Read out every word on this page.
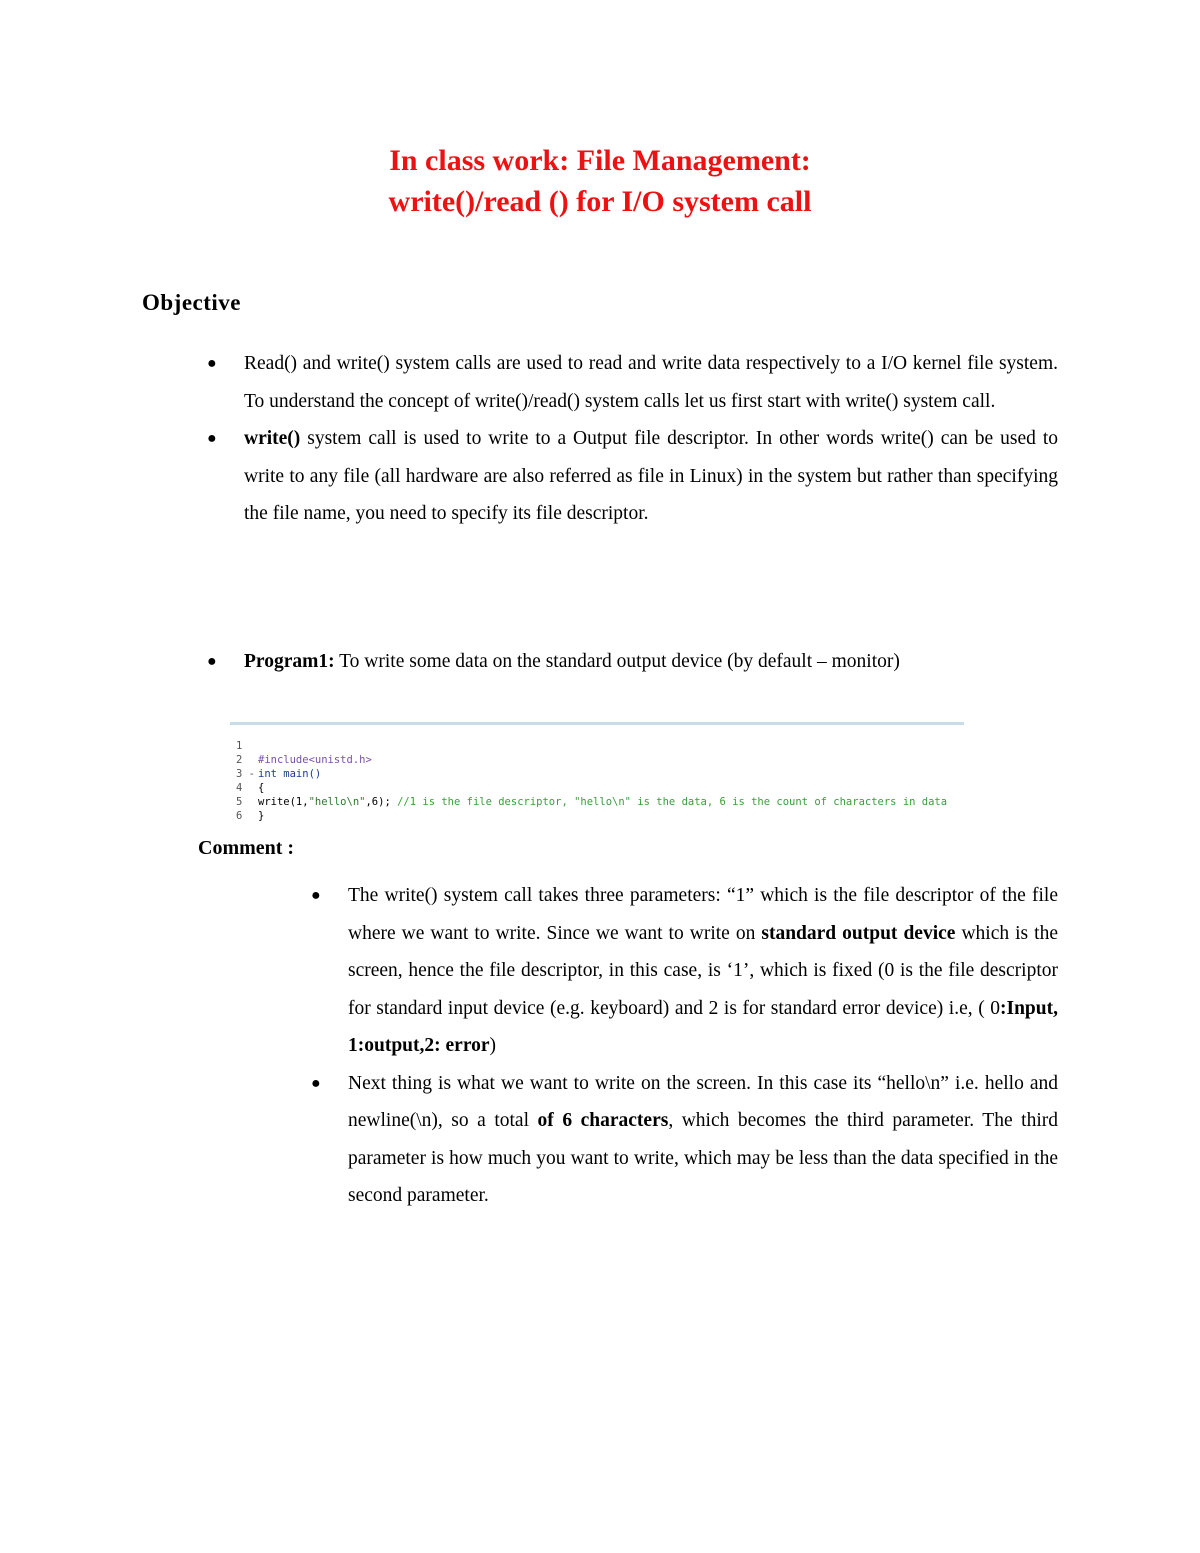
In class work: File Management:
write()/read () for I/O system call
Objective
● Read() and write() system calls are used to read and write data respectively to a I/O kernel file system. To understand the concept of write()/read() system calls let us first start with write() system call.
● write() system call is used to write to a Output file descriptor. In other words write() can be used to write to any file (all hardware are also referred as file in Linux) in the system but rather than specifying the file name, you need to specify its file descriptor.
● Program1: To write some data on the standard output device (by default – monitor)

1

#include<unistd.h>

2

int main()

3 -

{

4

write(1,"hello\n",6); //1 is the file descriptor, "hello\n" is the data, 6 is the count of characters in data

5

}

6

Comment :

● The write() system call takes three parameters: “1” which is the file descriptor of the file where we want to write. Since we want to write on standard output device which is the screen, hence the file descriptor, in this case, is ‘1’, which is fixed (0 is the file descriptor for standard input device (e.g. keyboard) and 2 is for standard error device) i.e, ( 0:Input, 1:output,2: error)
● Next thing is what we want to write on the screen. In this case its “hello\n” i.e. hello and newline(\n), so a total of 6 characters, which becomes the third parameter. The third parameter is how much you want to write, which may be less than the data specified in the second parameter.
